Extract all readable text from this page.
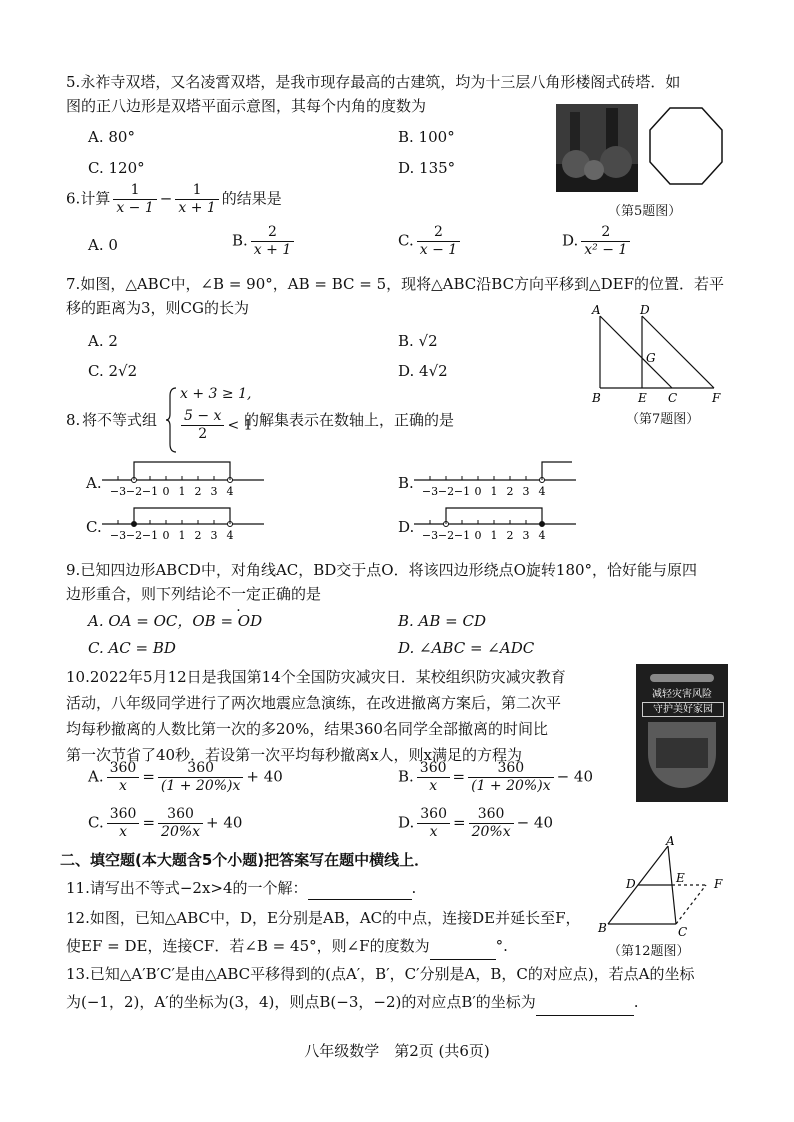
5.永祚寺双塔，又名凌霄双塔，是我市现存最高的古建筑，均为十三层八角形楼阁式砖塔．如
图的正八边形是双塔平面示意图，其每个内角的度数为
A. 80°	B. 100°
C. 120°	D. 135°
（第5题图）
6.计算 $\frac{1}{x - 1} - \frac{1}{x + 1}$ 的结果是
A. 0	B. $\frac{2}{x + 1}$	C. $\frac{2}{x - 1}$	D. $\frac{2}{\text{x² − 1}}$
7.如图，△ABC中，∠B = 90°，AB = BC = 5，现将△ABC沿BC方向平移到△DEF的位置．若平
移的距离为3，则CG的长为
A. 2	B. √2
C. 2√2	D. 4√2
A	D
G
B	E C	F
（第7题图）
8. 将不等式组
x + 3 ≥ 1,
$\frac{5 - x}{2} < 1$
的解集表示在数轴上，正确的是
A. −3 −2 −1 0 1 2 3 4	B. −3 −2 −1 0 1 2 3 4
C. −3 −2 −1 0 1 2 3 4	D. −3 −2 −1 0 1 2 3 4
9.已知四边形ABCD中，对角线AC，BD交于点O．将该四边形绕点O旋转180°，恰好能与原四
边形重合，则下列结论不一定正确的是
A. OA = OC，OB = OD	B. AB = CD
C. AC = BD	D. ∠ABC = ∠ADC
10.2022年5月12日是我国第14个全国防灾减灾日．某校组织防灾减灾教育
活动，八年级同学进行了两次地震应急演练，在改进撤离方案后，第二次平
均每秒撤离的人数比第一次的多20%，结果360名同学全部撤离的时间比
第一次节省了40秒．若设第一次平均每秒撤离x人，则x满足的方程为
减轻灾害风险
守护美好家园
A. $\frac{360}{x} = \frac{360}{(1 + 20\%)x} + 40$	B. $\frac{360}{x} = \frac{360}{(1 + 20\%)x} - 40$
C. $\frac{360}{x} = \frac{360}{20\%x} + 40$	D. $\frac{360}{x} = \frac{360}{20\%x} - 40$
二、填空题(本大题含5个小题)把答案写在题中横线上．
11.请写出不等式−2x>4的一个解：	.
12.如图，已知△ABC中，D，E分别是AB，AC的中点，连接DE并延长至F，
使EF = DE，连接CF．若∠B = 45°，则∠F的度数为	°.
A
D	E F
B	C
（第12题图）
13.已知△A′B′C′是由△ABC平移得到的(点A′，B′，C′分别是A，B，C的对应点)，若点A的坐标
为(−1，2)，A′的坐标为(3，4)，则点B(−3，−2)的对应点B′的坐标为	.
八年级数学　第2页 (共6页)
